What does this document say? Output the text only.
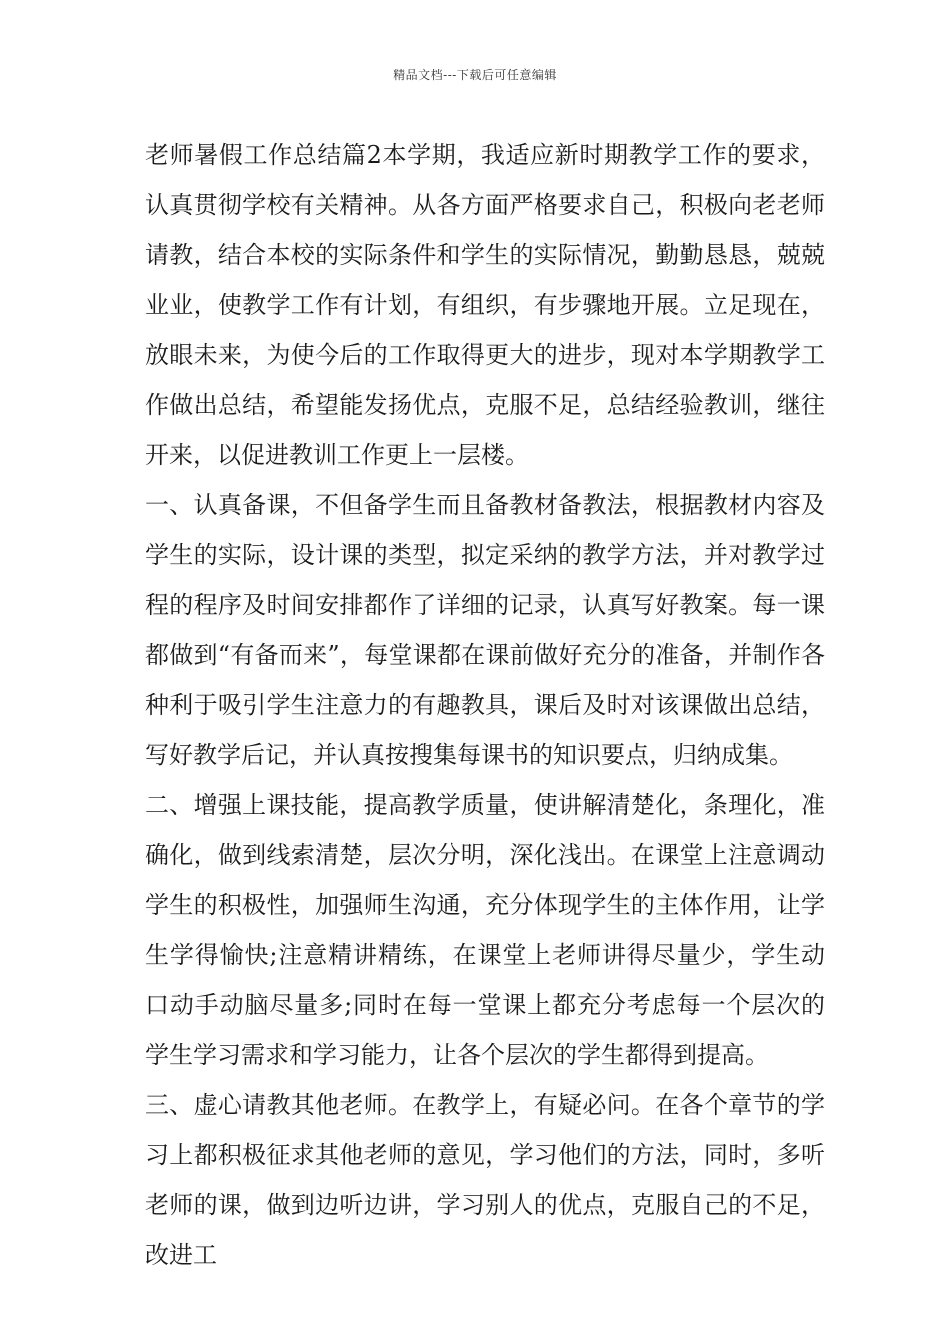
精品文档---下载后可任意编辑

老师暑假工作总结篇2本学期，我适应新时期教学工作的要求，认真贯彻学校有关精神。从各方面严格要求自己，积极向老老师请教，结合本校的实际条件和学生的实际情况，勤勤恳恳，兢兢业业，使教学工作有计划，有组织，有步骤地开展。立足现在，放眼未来，为使今后的工作取得更大的进步，现对本学期教学工作做出总结，希望能发扬优点，克服不足，总结经验教训，继往开来，以促进教训工作更上一层楼。

一、认真备课，不但备学生而且备教材备教法，根据教材内容及学生的实际，设计课的类型，拟定采纳的教学方法，并对教学过程的程序及时间安排都作了详细的记录，认真写好教案。每一课都做到“有备而来”，每堂课都在课前做好充分的准备，并制作各种利于吸引学生注意力的有趣教具，课后及时对该课做出总结，写好教学后记，并认真按搜集每课书的知识要点，归纳成集。

二、增强上课技能，提高教学质量，使讲解清楚化，条理化，准确化，做到线索清楚，层次分明，深化浅出。在课堂上注意调动学生的积极性，加强师生沟通，充分体现学生的主体作用，让学生学得愉快;注意精讲精练，在课堂上老师讲得尽量少，学生动口动手动脑尽量多;同时在每一堂课上都充分考虑每一个层次的学生学习需求和学习能力，让各个层次的学生都得到提高。

三、虚心请教其他老师。在教学上，有疑必问。在各个章节的学习上都积极征求其他老师的意见，学习他们的方法，同时，多听老师的课，做到边听边讲，学习别人的优点，克服自己的不足，改进工
